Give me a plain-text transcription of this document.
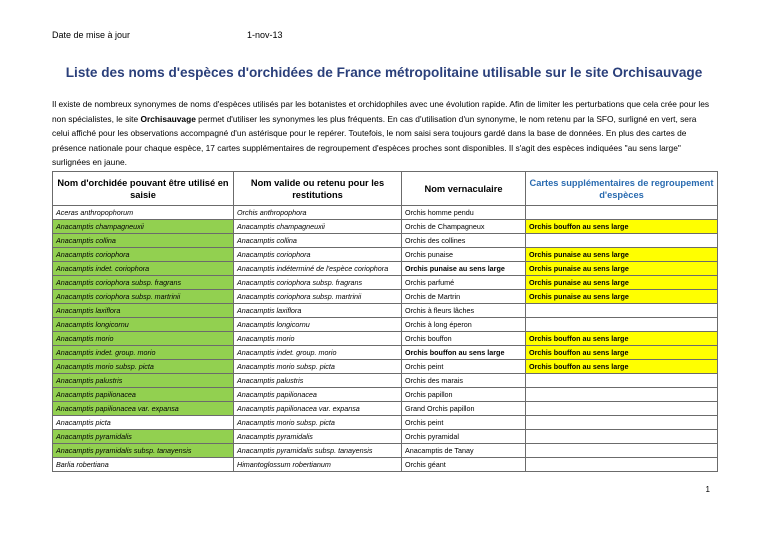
Date de mise à jour	1-nov-13
Liste des noms d'espèces d'orchidées de France métropolitaine utilisable sur le site Orchisauvage
Il existe de nombreux synonymes de noms d'espèces utilisés par les botanistes et orchidophiles avec une évolution rapide. Afin de limiter les perturbations que cela crée pour les non spécialistes, le site Orchisauvage permet d'utiliser les synonymes les plus fréquents. En cas d'utilisation d'un synonyme, le nom retenu par la SFO, surligné en vert, sera celui affiché pour les observations accompagné d'un astérisque pour le repérer. Toutefois, le nom saisi sera toujours gardé dans la base de données. En plus des cartes de présence nationale pour chaque espèce, 17 cartes supplémentaires de regroupement d'espèces proches sont disponibles. Il s'agit des espèces indiquées "au sens large" surlignées en jaune.
Nom d'orchidée pouvant être utilisé en saisie	Nom valide ou retenu pour les restitutions	Nom vernaculaire	Cartes supplémentaires de regroupement d'espèces
Aceras anthropophorum	Orchis anthropophora	Orchis homme pendu	
Anacamptis champagneuxii	Anacamptis champagneuxii	Orchis de Champagneux	Orchis bouffon au sens large
Anacamptis collina	Anacamptis collina	Orchis des collines	
Anacamptis coriophora	Anacamptis coriophora	Orchis punaise	Orchis punaise au sens large
Anacamptis indet. coriophora	Anacamptis indéterminé de l'espèce coriophora	Orchis punaise au sens large	Orchis punaise au sens large
Anacamptis coriophora subsp. fragrans	Anacamptis coriophora subsp. fragrans	Orchis parfumé	Orchis punaise au sens large
Anacamptis coriophora subsp. martrinii	Anacamptis coriophora subsp. martrinii	Orchis de Martrin	Orchis punaise au sens large
Anacamptis laxiflora	Anacamptis laxiflora	Orchis à fleurs lâches	
Anacamptis longicornu	Anacamptis longicornu	Orchis à long éperon	
Anacamptis morio	Anacamptis morio	Orchis bouffon	Orchis bouffon au sens large
Anacamptis indet. group. morio	Anacamptis indet. group. morio	Orchis bouffon au sens large	Orchis bouffon au sens large
Anacamptis morio subsp. picta	Anacamptis morio subsp. picta	Orchis peint	Orchis bouffon au sens large
Anacamptis palustris	Anacamptis palustris	Orchis des marais	
Anacamptis papilionacea	Anacamptis papilionacea	Orchis papillon	
Anacamptis papilionacea var. expansa	Anacamptis papilionacea var. expansa	Grand Orchis papillon	
Anacamptis picta	Anacamptis morio subsp. picta	Orchis peint	
Anacamptis pyramidalis	Anacamptis pyramidalis	Orchis pyramidal	
Anacamptis pyramidalis subsp. tanayensis	Anacamptis pyramidalis subsp. tanayensis	Anacamptis de Tanay	
Barlia robertiana	Himantoglossum robertianum	Orchis géant	
1
